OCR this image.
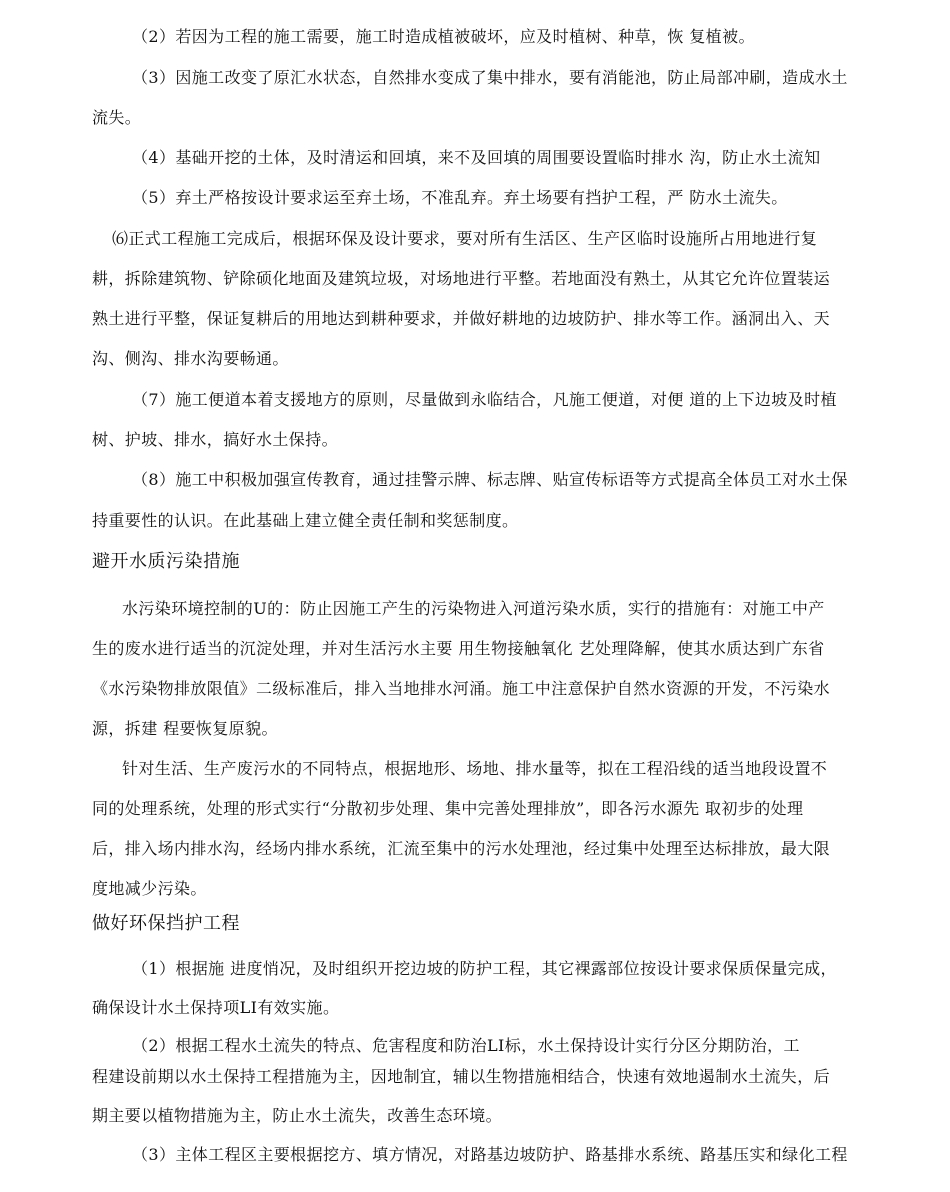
（2）若因为工程的施工需要，施工时造成植被破坏，应及时植树、种草，恢 复植被。
（3）因施工改变了原汇水状态，自然排水变成了集中排水，要有消能池，防止局部冲刷，造成水土
流失。
（4）基础开挖的土体，及时清运和回填，来不及回填的周围要设置临时排水 沟，防止水土流知
（5）弃土严格按设计要求运至弃土场，不准乱弃。弃土场要有挡护工程，严 防水土流失。
⑹正式工程施工完成后，根据环保及设计要求，要对所有生活区、生产区临时设施所占用地进行复
耕，拆除建筑物、铲除硕化地面及建筑垃圾，对场地进行平整。若地面没有熟土，从其它允许位置装运
熟土进行平整，保证复耕后的用地达到耕种要求，并做好耕地的边坡防护、排水等工作。涵洞出入、天
沟、侧沟、排水沟要畅通。
（7）施工便道本着支援地方的原则，尽量做到永临结合，凡施工便道，对便 道的上下边坡及时植
树、护坡、排水，搞好水土保持。
（8）施工中积极加强宣传教育，通过挂警示牌、标志牌、贴宣传标语等方式提高全体员工对水土保
持重要性的认识。在此基础上建立健全责任制和奖惩制度。
避开水质污染措施
水污染环境控制的U的：防止因施工产生的污染物进入河道污染水质，实行的措施有：对施工中产
生的废水进行适当的沉淀处理，并对生活污水主要 用生物接触氧化 艺处理降解，使其水质达到广东省
《水污染物排放限值》二级标准后，排入当地排水河涌。施工中注意保护自然水资源的开发，不污染水
源，拆建 程要恢复原貌。
针对生活、生产废污水的不同特点，根据地形、场地、排水量等，拟在工程沿线的适当地段设置不
同的处理系统，处理的形式实行“分散初步处理、集中完善处理排放”，即各污水源先 取初步的处理
后，排入场内排水沟，经场内排水系统，汇流至集中的污水处理池，经过集中处理至达标排放，最大限
度地减少污染。
做好环保挡护工程
（1）根据施 进度悄况，及时组织开挖边坡的防护工程，其它裸露部位按设计要求保质保量完成，
确保设计水土保持项LI有效实施。
（2）根据工程水土流失的特点、危害程度和防治LI标，水土保持设计实行分区分期防治，工
程建设前期以水土保持工程措施为主，因地制宜，辅以生物措施相结合，快速有效地遏制水土流失，后
期主要以植物措施为主，防止水土流失，改善生态环境。
（3）主体工程区主要根据挖方、填方情况，对路基边坡防护、路基排水系统、路基压实和绿化工程
